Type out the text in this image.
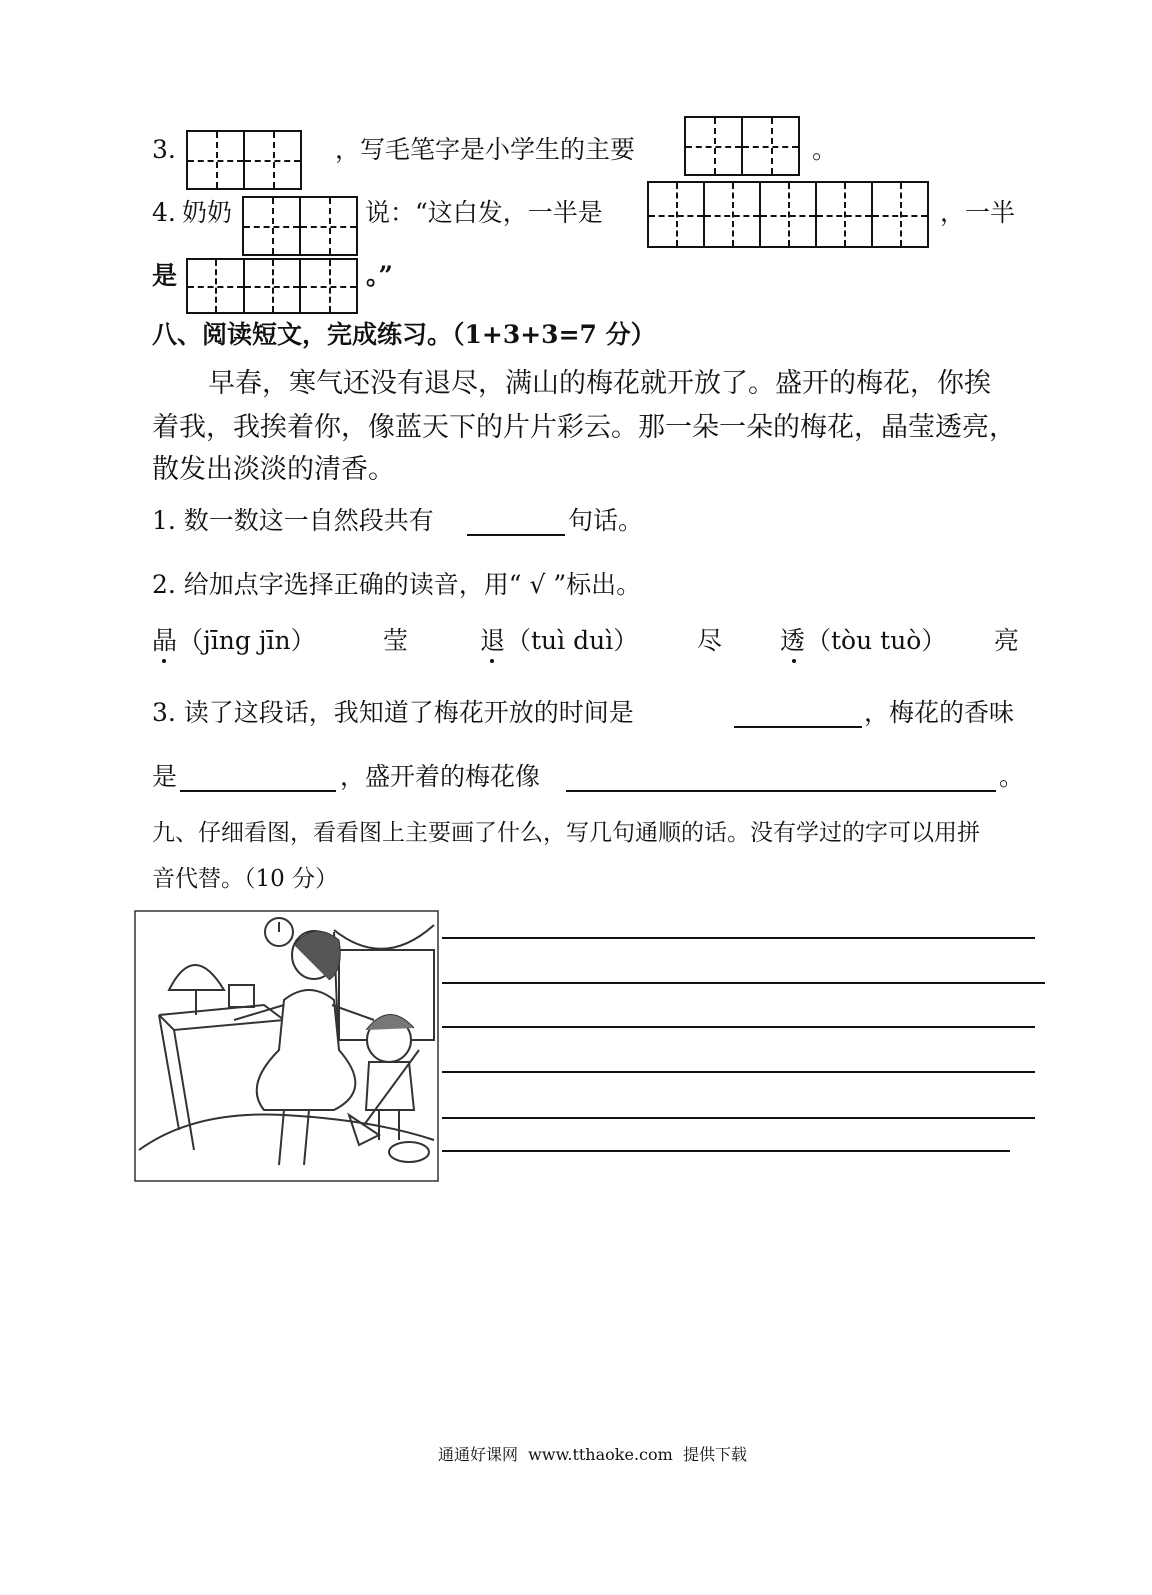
3.	，写毛笔字是小学生的主要	。
4. 奶奶	说：“这白发，一半是	，一半
是	。”
八、阅读短文，完成练习。（1+3+3=7 分）
早春，寒气还没有退尽，满山的梅花就开放了。盛开的梅花，你挨
着我，我挨着你，像蓝天下的片片彩云。那一朵一朵的梅花，晶莹透亮，
散发出淡淡的清香。
1. 数一数这一自然段共有	句话。
2. 给加点字选择正确的读音，用“ √ ”标出。
晶 （jīng jīn）	莹	退 （tuì duì） 尽 透 （tòu tuò） 亮
3. 读了这段话，我知道了梅花开放的时间是	，梅花的香味
是	，盛开着的梅花像	。
九、仔细看图，看看图上主要画了什么，写几句通顺的话。没有学过的字可以用拼
音代替。（10 分）
通通好课网  www.tthaoke.com  提供下载
